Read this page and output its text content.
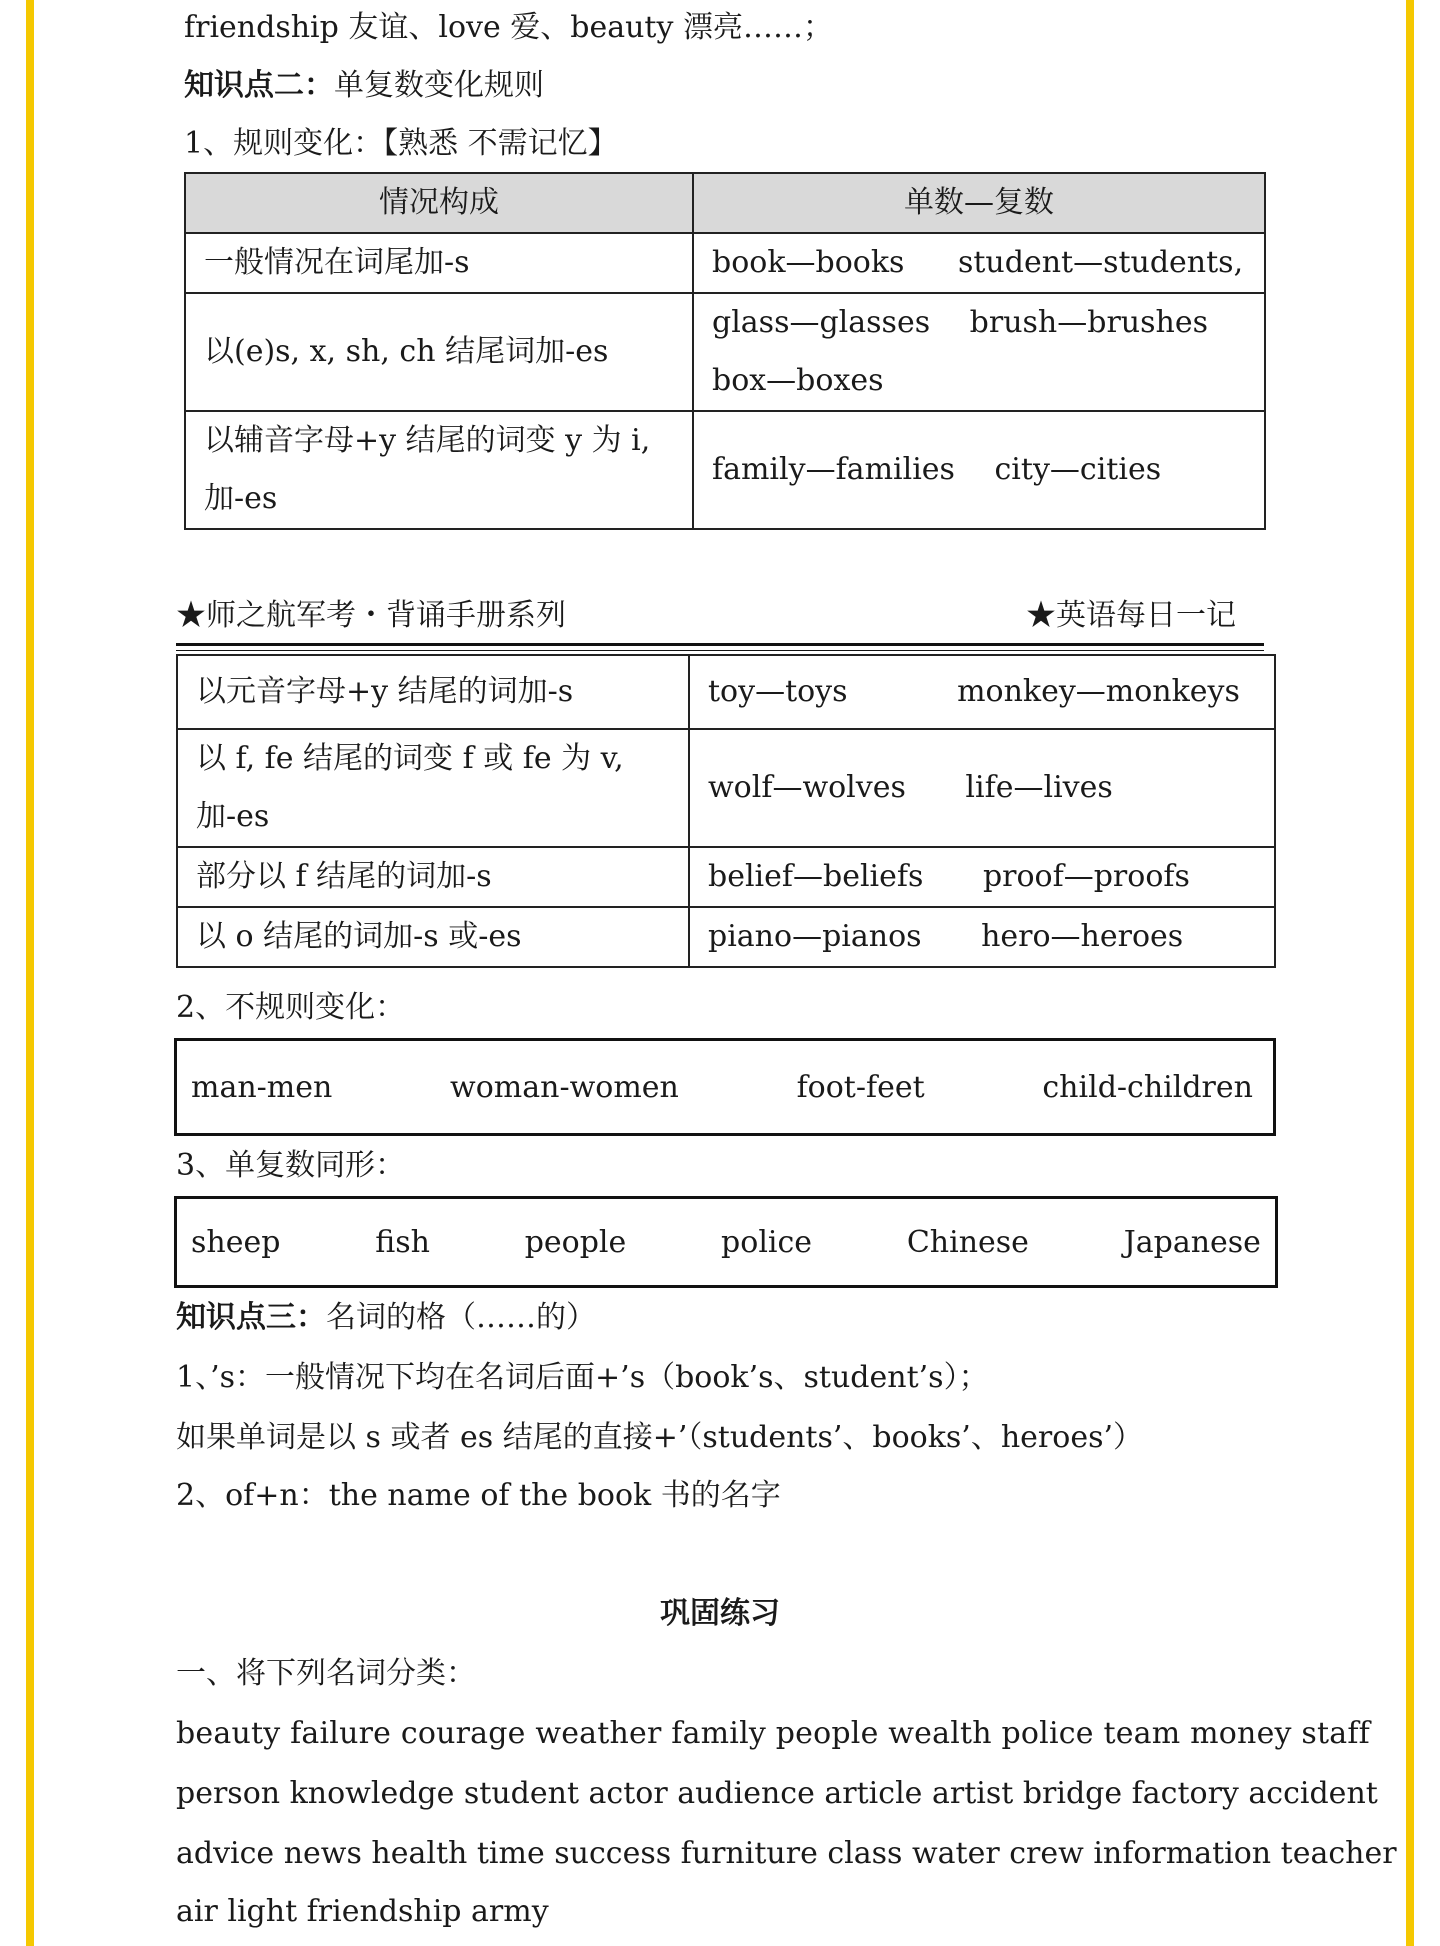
friendship 友谊、love 爱、beauty 漂亮……；
知识点二：单复数变化规则
1、规则变化：【熟悉 不需记忆】
情况构成	单数—复数
一般情况在词尾加-s	book—books student—students,
以(e)s, x, sh, ch 结尾词加-es	glass—glasses brush—brushes
box—boxes
以辅音字母+y 结尾的词变 y 为 i, 加-es	family—families city—cities
★师之航军考・背诵手册系列	★英语每日一记
以元音字母+y 结尾的词加-s	toy—toys monkey—monkeys
以 f, fe 结尾的词变 f 或 fe 为 v, 加-es	wolf—wolves life—lives
部分以 f 结尾的词加-s	belief—beliefs proof—proofs
以 o 结尾的词加-s 或-es	piano—pianos hero—heroes
2、不规则变化：
man-men	woman-women	foot-feet	child-children
3、单复数同形：
sheep	fish	people	police	Chinese	Japanese
知识点三：名词的格（……的）
1、’s：一般情况下均在名词后面+’s（book’s、student’s）；
如果单词是以 s 或者 es 结尾的直接+’（students’、books’、heroes’）
2、of+n：the name of the book 书的名字
巩固练习
一、将下列名词分类：
beauty failure courage weather family people wealth police team money staff
person knowledge student actor audience article artist bridge factory accident
advice news health time success furniture class water crew information teacher
air light friendship army
